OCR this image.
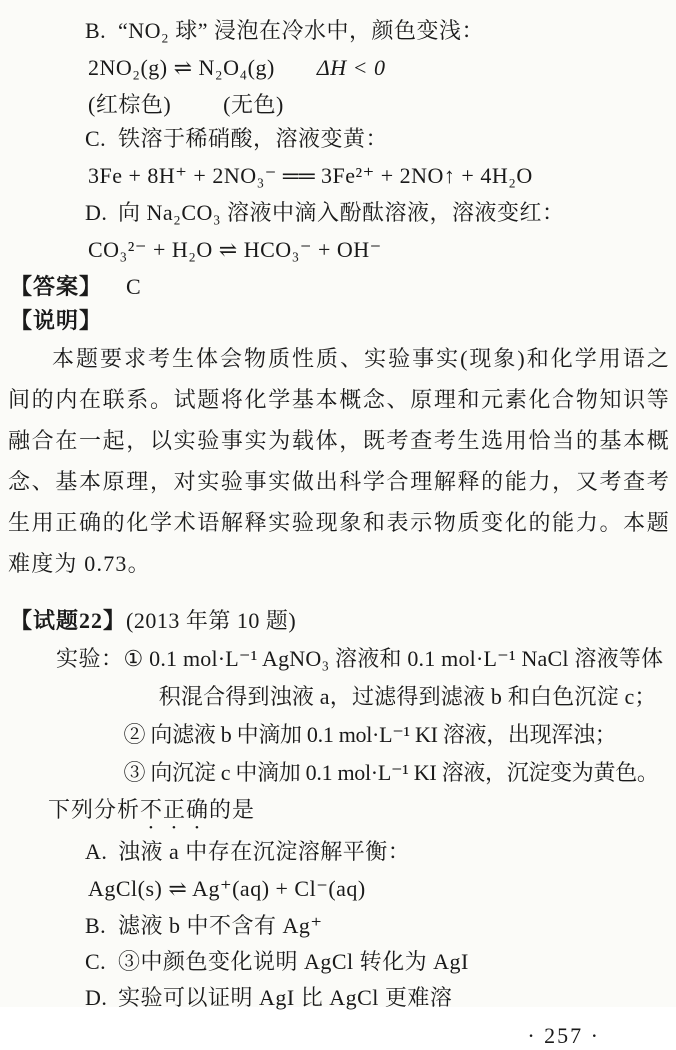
B. “NO₂ 球” 浸泡在冷水中，颜色变浅：
2NO₂(g) ⇌ N₂O₄(g) ΔH < 0
(红棕色) (无色)
C. 铁溶于稀硝酸，溶液变黄：
3Fe + 8H⁺ + 2NO₃⁻ ══ 3Fe²⁺ + 2NO↑ + 4H₂O
D. 向 Na₂CO₃ 溶液中滴入酚酞溶液，溶液变红：
CO₃²⁻ + H₂O ⇌ HCO₃⁻ + OH⁻
【答案】 C
【说明】
本题要求考生体会物质性质、实验事实(现象)和化学用语之间的内在联系。试题将化学基本概念、原理和元素化合物知识等融合在一起，以实验事实为载体，既考查考生选用恰当的基本概念、基本原理，对实验事实做出科学合理解释的能力，又考查考生用正确的化学术语解释实验现象和表示物质变化的能力。本题难度为 0.73。
【试题22】(2013 年第 10 题)
实验： ① 0.1 mol·L⁻¹ AgNO₃ 溶液和 0.1 mol·L⁻¹ NaCl 溶液等体积混合得到浊液 a，过滤得到滤液 b 和白色沉淀 c；
② 向滤液 b 中滴加 0.1 mol·L⁻¹ KI 溶液，出现浑浊；
③ 向沉淀 c 中滴加 0.1 mol·L⁻¹ KI 溶液，沉淀变为黄色。
下列分析不正确的是
A. 浊液 a 中存在沉淀溶解平衡：
AgCl(s) ⇌ Ag⁺(aq) + Cl⁻(aq)
B. 滤液 b 中不含有 Ag⁺
C. ③中颜色变化说明 AgCl 转化为 AgI
D. 实验可以证明 AgI 比 AgCl 更难溶
· 257 ·
